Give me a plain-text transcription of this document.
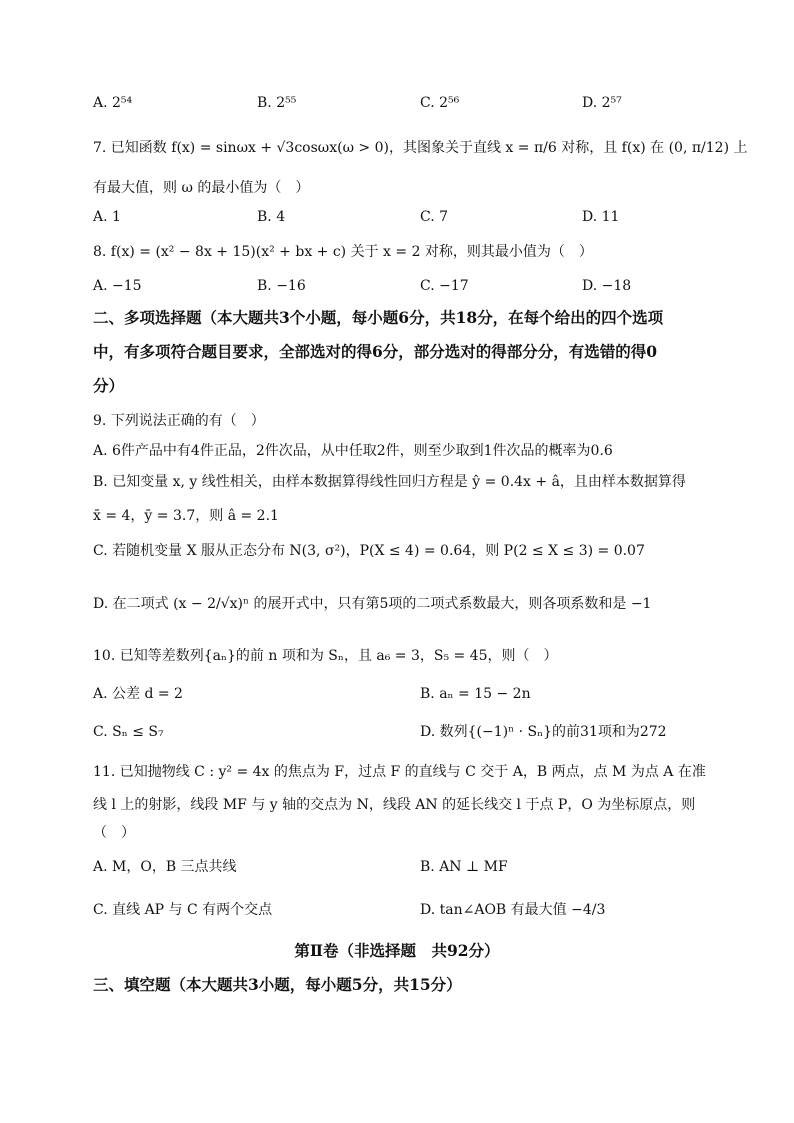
A. 2⁵⁴	B. 2⁵⁵	C. 2⁵⁶	D. 2⁵⁷
7. 已知函数 f(x) = sinωx + √3cosωx(ω > 0)，其图象关于直线 x = π/6 对称，且 f(x) 在 (0, π/12) 上
有最大值，则 ω 的最小值为（　）
A. 1	B. 4	C. 7	D. 11
8. f(x) = (x² − 8x + 15)(x² + bx + c) 关于 x = 2 对称，则其最小值为（　）
A. −15	B. −16	C. −17	D. −18
二、多项选择题（本大题共3个小题，每小题6分，共18分，在每个给出的四个选项
中，有多项符合题目要求，全部选对的得6分，部分选对的得部分分，有选错的得0
分）
9. 下列说法正确的有（　）
A. 6件产品中有4件正品，2件次品，从中任取2件，则至少取到1件次品的概率为0.6
B. 已知变量 x, y 线性相关，由样本数据算得线性回归方程是 ŷ = 0.4x + â，且由样本数据算得
x̄ = 4，ȳ = 3.7，则 â = 2.1
C. 若随机变量 X 服从正态分布 N(3, σ²)，P(X ≤ 4) = 0.64，则 P(2 ≤ X ≤ 3) = 0.07
D. 在二项式 (x − 2/√x)ⁿ 的展开式中，只有第5项的二项式系数最大，则各项系数和是 −1
10. 已知等差数列{aₙ}的前 n 项和为 Sₙ，且 a₆ = 3，S₅ = 45，则（　）
A. 公差 d = 2	B. aₙ = 15 − 2n
C. Sₙ ≤ S₇	D. 数列{(−1)ⁿ · Sₙ}的前31项和为272
11. 已知抛物线 C : y² = 4x 的焦点为 F，过点 F 的直线与 C 交于 A，B 两点，点 M 为点 A 在准
线 l 上的射影，线段 MF 与 y 轴的交点为 N，线段 AN 的延长线交 l 于点 P，O 为坐标原点，则
（　）
A. M，O，B 三点共线	B. AN ⊥ MF
C. 直线 AP 与 C 有两个交点	D. tan∠AOB 有最大值 −4/3
第Ⅱ卷（非选择题　共92分）
三、填空题（本大题共3小题，每小题5分，共15分）
